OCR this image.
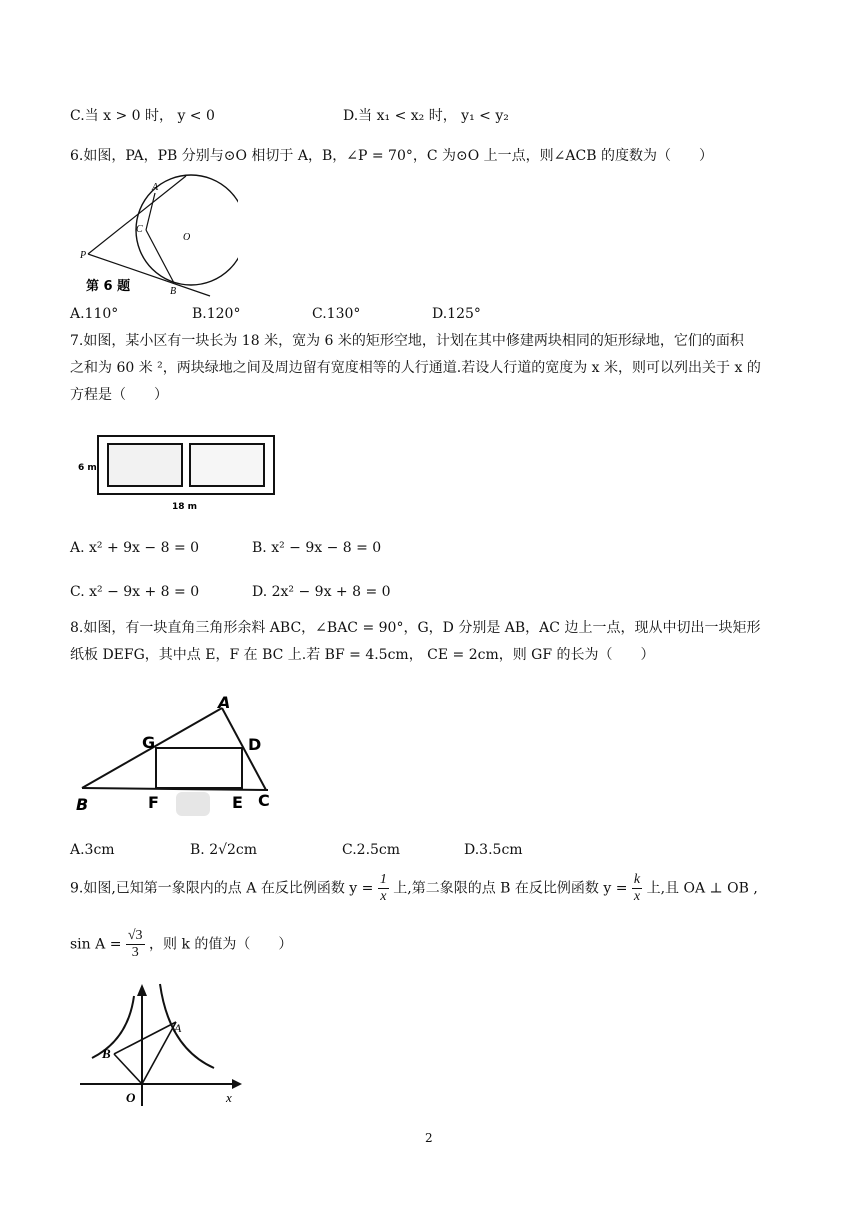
C.当 x > 0 时， y < 0	D.当 x₁ < x₂ 时， y₁ < y₂
6.如图，PA，PB 分别与⊙O 相切于 A，B，∠P = 70°，C 为⊙O 上一点，则∠ACB 的度数为（　　）
A
C
O
P
B
第 6 题
A.110°	B.120°	C.130°	D.125°
7.如图，某小区有一块长为 18 米，宽为 6 米的矩形空地，计划在其中修建两块相同的矩形绿地，它们的面积
之和为 60 米 ²，两块绿地之间及周边留有宽度相等的人行通道.若设人行道的宽度为 x 米，则可以列出关于 x 的
方程是（　　）
6 m
18 m
A. x² + 9x − 8 = 0	B. x² − 9x − 8 = 0
C. x² − 9x + 8 = 0	D. 2x² − 9x + 8 = 0
8.如图，有一块直角三角形余料 ABC，∠BAC = 90°，G，D 分别是 AB，AC 边上一点，现从中切出一块矩形
纸板 DEFG，其中点 E，F 在 BC 上.若 BF = 4.5cm， CE = 2cm，则 GF 的长为（　　）
A
G	D
B	F	E C
A.3cm	B. 2√2cm	C.2.5cm	D.3.5cm
9.如图,已知第一象限内的点 A 在反比例函数 $y = \frac{1}{x}$ 上,第二象限的点 B 在反比例函数 $y = \frac{k}{x}$ 上,且 OA ⊥ OB ,
$\sin A = \frac{√3}{3}$ ，则 k 的值为（　　）
A
B
O	x
2
